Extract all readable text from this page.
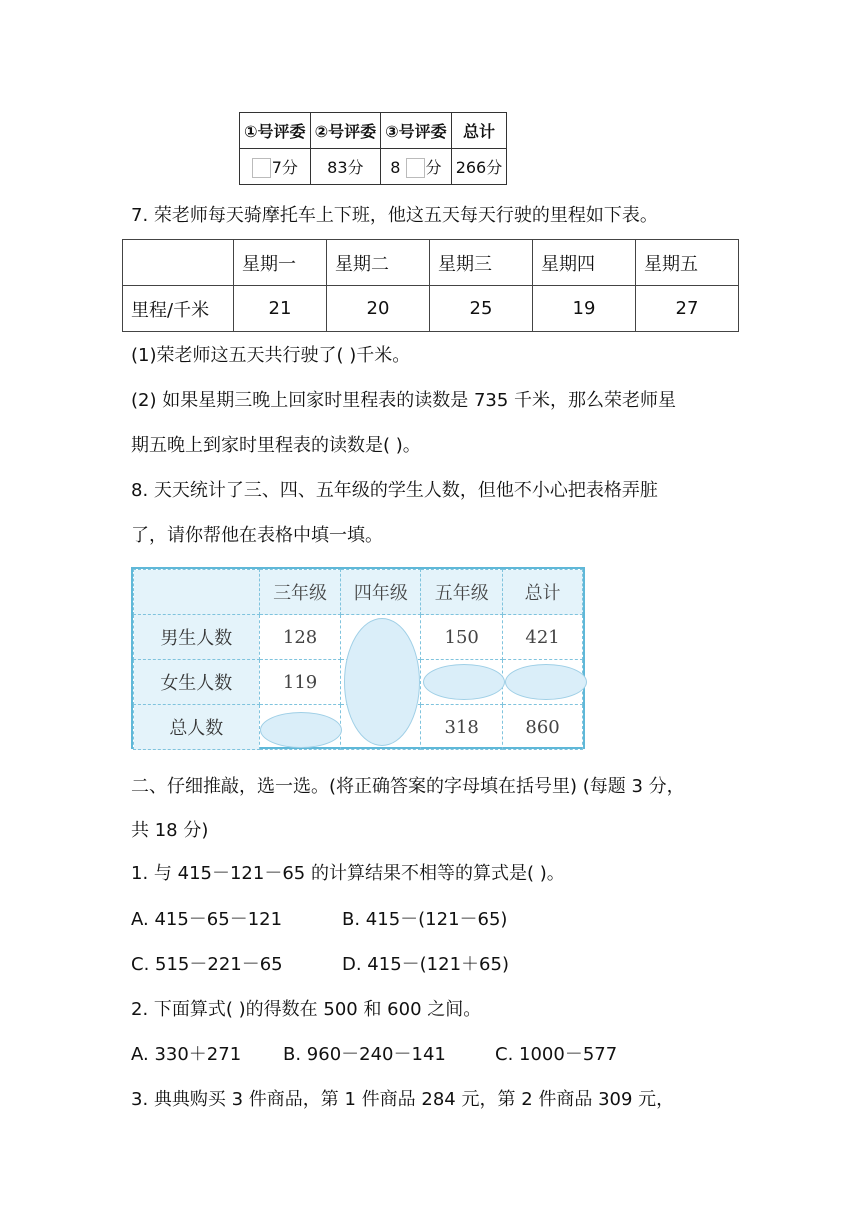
①号评委	②号评委	③号评委	总计
7分	83分	8 分	266分
7. 荣老师每天骑摩托车上下班，他这五天每天行驶的里程如下表。
	星期一	星期二	星期三	星期四	星期五
里程/千米	21	20	25	19	27
(1)荣老师这五天共行驶了( )千米。
(2) 如果星期三晚上回家时里程表的读数是 735 千米，那么荣老师星
期五晚上到家时里程表的读数是( )。
8. 天天统计了三、四、五年级的学生人数，但他不小心把表格弄脏
了，请你帮他在表格中填一填。
	三年级	四年级	五年级	总计
男生人数	128		150	421
女生人数	119			
总人数			318	860
二、仔细推敲，选一选。(将正确答案的字母填在括号里) (每题 3 分，
共 18 分)
1. 与 415－121－65 的计算结果不相等的算式是( )。
A. 415－65－121	B. 415－(121－65)
C. 515－221－65	D. 415－(121＋65)
2. 下面算式( )的得数在 500 和 600 之间。
A. 330＋271 B. 960－240－141	C. 1000－577
3. 典典购买 3 件商品，第 1 件商品 284 元，第 2 件商品 309 元，
